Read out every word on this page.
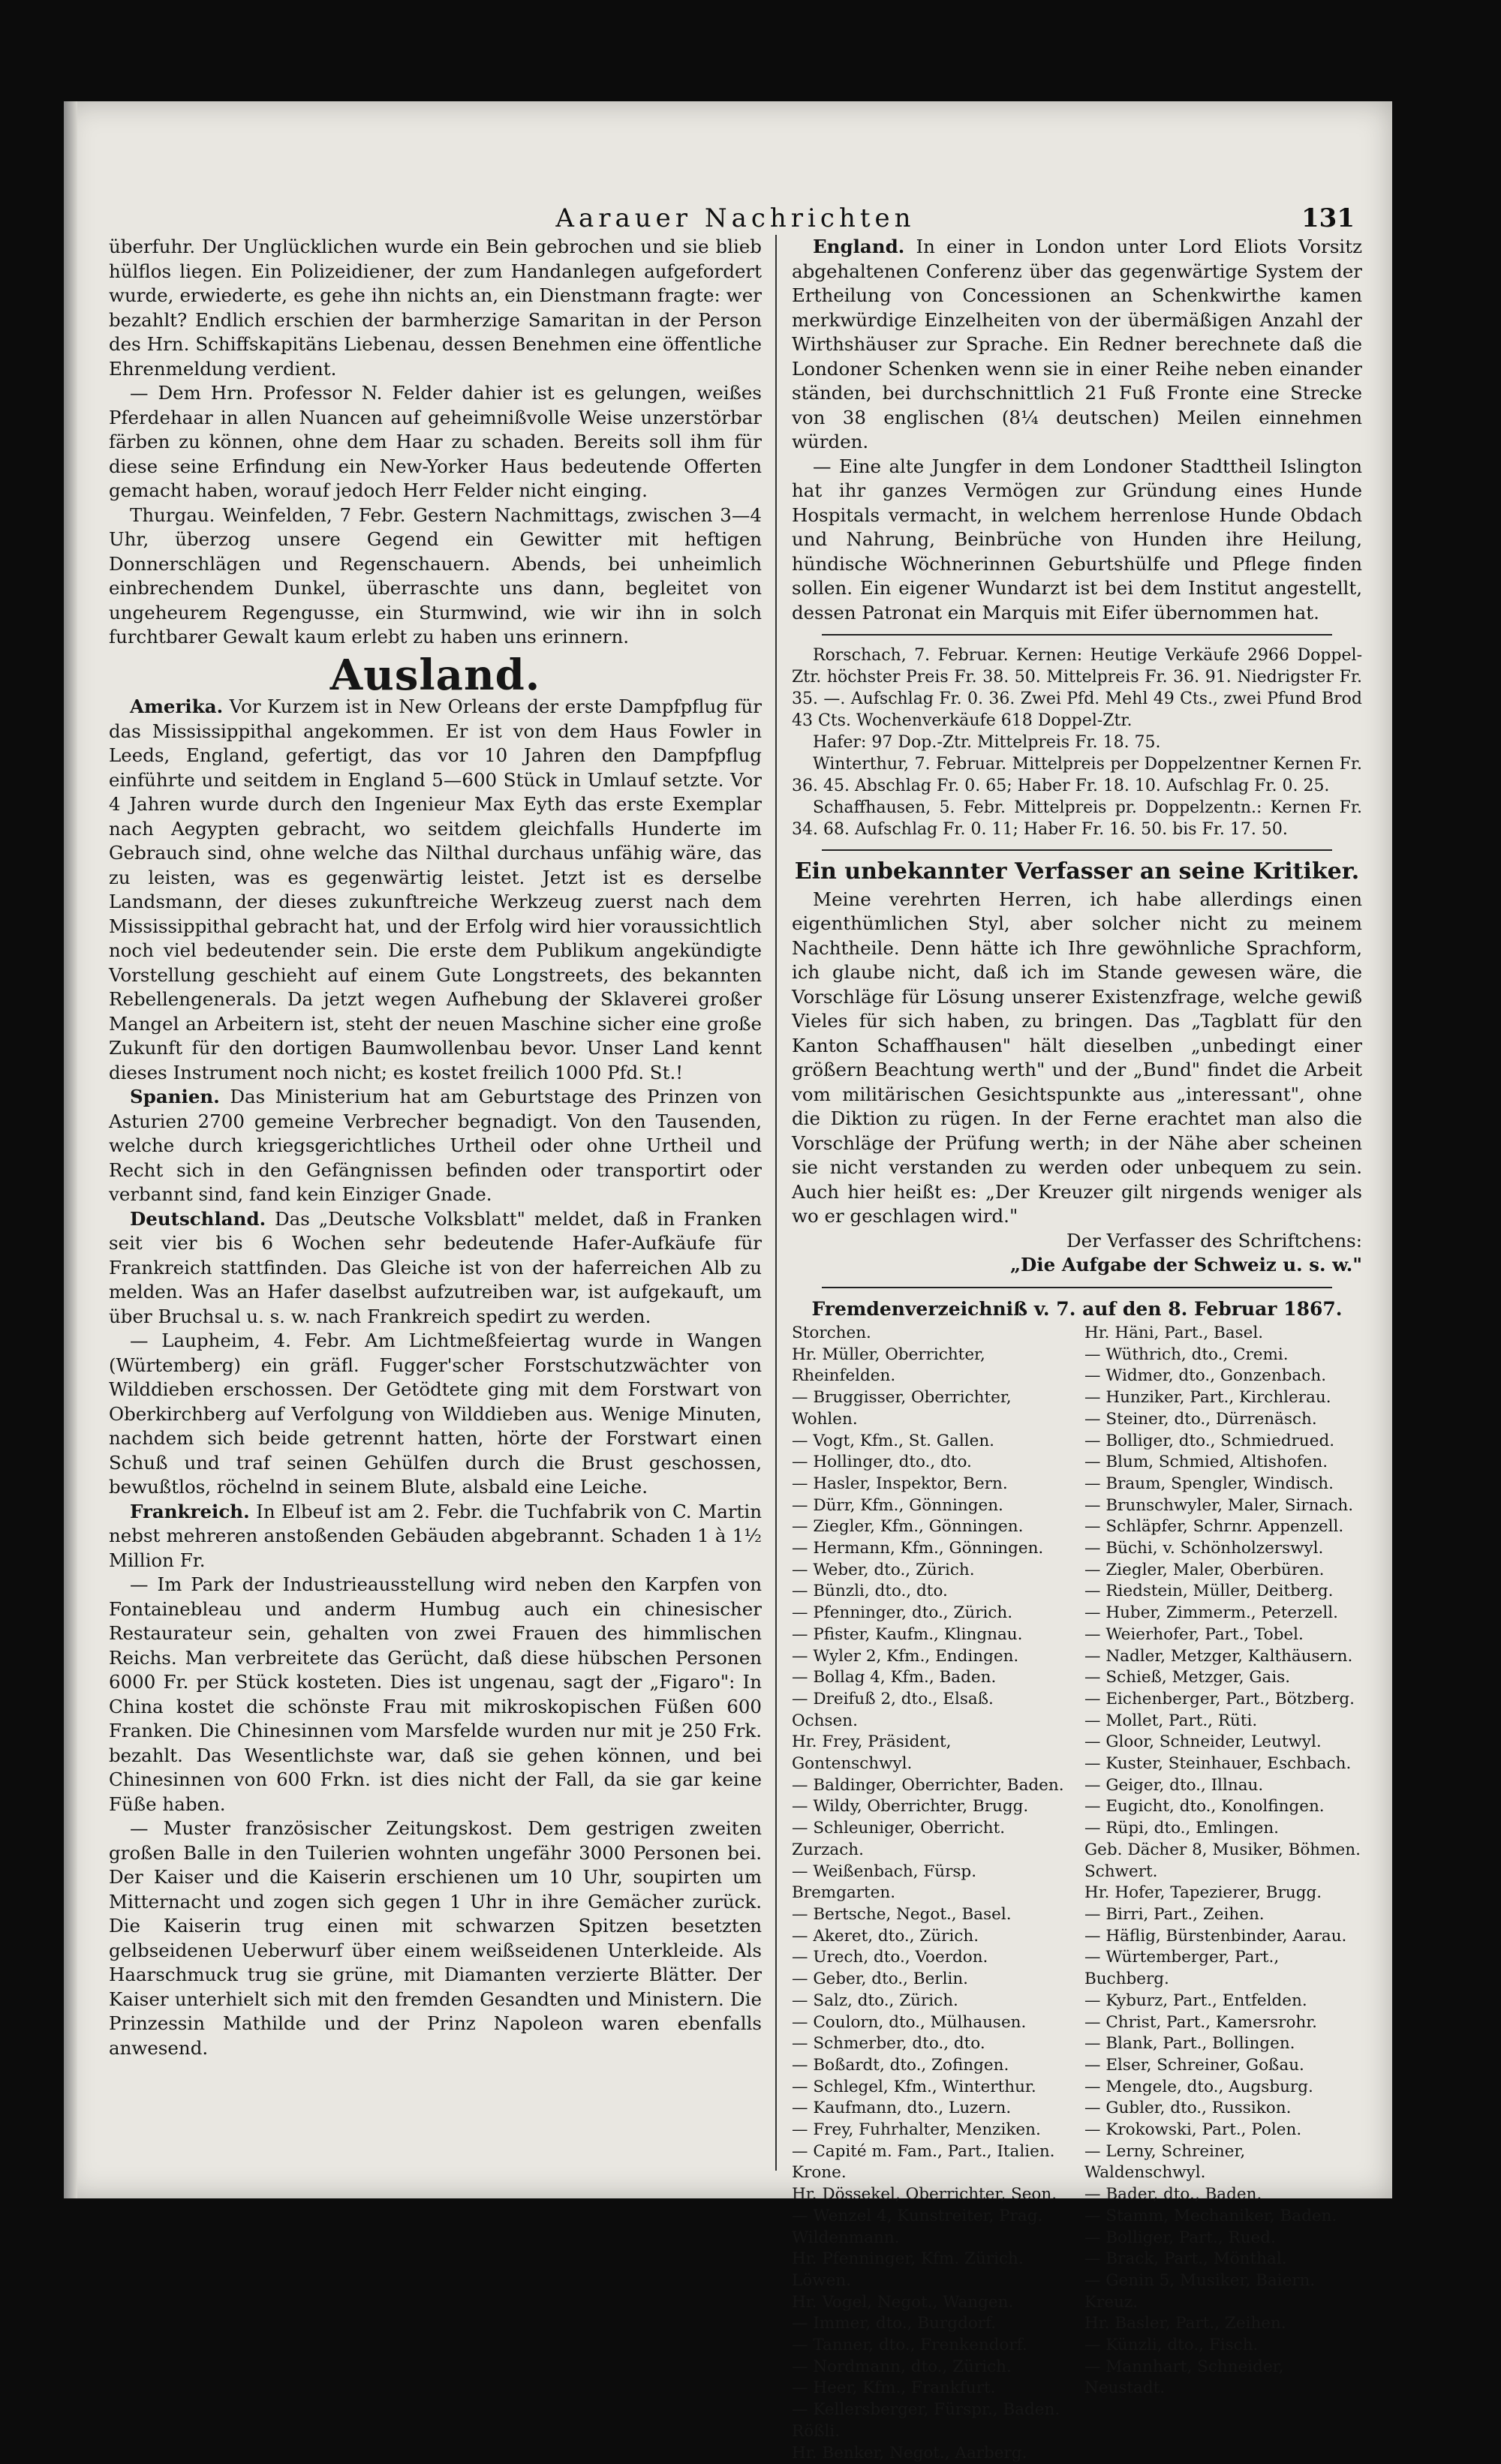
Aarauer Nachrichten	131

überfuhr. Der Unglücklichen wurde ein Bein gebrochen und sie blieb hülflos liegen. Ein Polizeidiener, der zum Handanlegen aufgefordert wurde, erwiederte, es gehe ihn nichts an, ein Dienstmann fragte: wer bezahlt? Endlich erschien der barmherzige Samaritan in der Person des Hrn. Schiffskapitäns Liebenau, dessen Benehmen eine öffentliche Ehrenmeldung verdient.

— Dem Hrn. Professor N. Felder dahier ist es gelungen, weißes Pferdehaar in allen Nuancen auf geheimnißvolle Weise unzerstörbar färben zu können, ohne dem Haar zu schaden. Bereits soll ihm für diese seine Erfindung ein New-Yorker Haus bedeutende Offerten gemacht haben, worauf jedoch Herr Felder nicht einging.

Thurgau. Weinfelden, 7 Febr. Gestern Nachmittags, zwischen 3—4 Uhr, überzog unsere Gegend ein Gewitter mit heftigen Donnerschlägen und Regenschauern. Abends, bei unheimlich einbrechendem Dunkel, überraschte uns dann, begleitet von ungeheurem Regengusse, ein Sturmwind, wie wir ihn in solch furchtbarer Gewalt kaum erlebt zu haben uns erinnern.

Ausland.

Amerika. Vor Kurzem ist in New Orleans der erste Dampfpflug für das Mississippithal angekommen. Er ist von dem Haus Fowler in Leeds, England, gefertigt, das vor 10 Jahren den Dampfpflug einführte und seitdem in England 5—600 Stück in Umlauf setzte. Vor 4 Jahren wurde durch den Ingenieur Max Eyth das erste Exemplar nach Aegypten gebracht, wo seitdem gleichfalls Hunderte im Gebrauch sind, ohne welche das Nilthal durchaus unfähig wäre, das zu leisten, was es gegenwärtig leistet. Jetzt ist es derselbe Landsmann, der dieses zukunftreiche Werkzeug zuerst nach dem Mississippithal gebracht hat, und der Erfolg wird hier voraussichtlich noch viel bedeutender sein. Die erste dem Publikum angekündigte Vorstellung geschieht auf einem Gute Longstreets, des bekannten Rebellengenerals. Da jetzt wegen Aufhebung der Sklaverei großer Mangel an Arbeitern ist, steht der neuen Maschine sicher eine große Zukunft für den dortigen Baumwollenbau bevor. Unser Land kennt dieses Instrument noch nicht; es kostet freilich 1000 Pfd. St.!

Spanien. Das Ministerium hat am Geburtstage des Prinzen von Asturien 2700 gemeine Verbrecher begnadigt. Von den Tausenden, welche durch kriegsgerichtliches Urtheil oder ohne Urtheil und Recht sich in den Gefängnissen befinden oder transportirt oder verbannt sind, fand kein Einziger Gnade.

Deutschland. Das „Deutsche Volksblatt" meldet, daß in Franken seit vier bis 6 Wochen sehr bedeutende Hafer-Aufkäufe für Frankreich stattfinden. Das Gleiche ist von der haferreichen Alb zu melden. Was an Hafer daselbst aufzutreiben war, ist aufgekauft, um über Bruchsal u. s. w. nach Frankreich spedirt zu werden.

— Laupheim, 4. Febr. Am Lichtmeßfeiertag wurde in Wangen (Würtemberg) ein gräfl. Fugger'scher Forstschutzwächter von Wilddieben erschossen. Der Getödtete ging mit dem Forstwart von Oberkirchberg auf Verfolgung von Wilddieben aus. Wenige Minuten, nachdem sich beide getrennt hatten, hörte der Forstwart einen Schuß und traf seinen Gehülfen durch die Brust geschossen, bewußtlos, röchelnd in seinem Blute, alsbald eine Leiche.

Frankreich. In Elbeuf ist am 2. Febr. die Tuchfabrik von C. Martin nebst mehreren anstoßenden Gebäuden abgebrannt. Schaden 1 à 1½ Million Fr.

— Im Park der Industrieausstellung wird neben den Karpfen von Fontainebleau und anderm Humbug auch ein chinesischer Restaurateur sein, gehalten von zwei Frauen des himmlischen Reichs. Man verbreitete das Gerücht, daß diese hübschen Personen 6000 Fr. per Stück kosteten. Dies ist ungenau, sagt der „Figaro": In China kostet die schönste Frau mit mikroskopischen Füßen 600 Franken. Die Chinesinnen vom Marsfelde wurden nur mit je 250 Frk. bezahlt. Das Wesentlichste war, daß sie gehen können, und bei Chinesinnen von 600 Frkn. ist dies nicht der Fall, da sie gar keine Füße haben.

— Muster französischer Zeitungskost. Dem gestrigen zweiten großen Balle in den Tuilerien wohnten ungefähr 3000 Personen bei. Der Kaiser und die Kaiserin erschienen um 10 Uhr, soupirten um Mitternacht und zogen sich gegen 1 Uhr in ihre Gemächer zurück. Die Kaiserin trug einen mit schwarzen Spitzen besetzten gelbseidenen Ueberwurf über einem weißseidenen Unterkleide. Als Haarschmuck trug sie grüne, mit Diamanten verzierte Blätter. Der Kaiser unterhielt sich mit den fremden Gesandten und Ministern. Die Prinzessin Mathilde und der Prinz Napoleon waren ebenfalls anwesend.

England. In einer in London unter Lord Eliots Vorsitz abgehaltenen Conferenz über das gegenwärtige System der Ertheilung von Concessionen an Schenkwirthe kamen merkwürdige Einzelheiten von der übermäßigen Anzahl der Wirthshäuser zur Sprache. Ein Redner berechnete daß die Londoner Schenken wenn sie in einer Reihe neben einander ständen, bei durchschnittlich 21 Fuß Fronte eine Strecke von 38 englischen (8¼ deutschen) Meilen einnehmen würden.

— Eine alte Jungfer in dem Londoner Stadttheil Islington hat ihr ganzes Vermögen zur Gründung eines Hunde Hospitals vermacht, in welchem herrenlose Hunde Obdach und Nahrung, Beinbrüche von Hunden ihre Heilung, hündische Wöchnerinnen Geburtshülfe und Pflege finden sollen. Ein eigener Wundarzt ist bei dem Institut angestellt, dessen Patronat ein Marquis mit Eifer übernommen hat.

Rorschach, 7. Februar. Kernen: Heutige Verkäufe 2966 Doppel-Ztr. höchster Preis Fr. 38. 50. Mittelpreis Fr. 36. 91. Niedrigster Fr. 35. —. Aufschlag Fr. 0. 36. Zwei Pfd. Mehl 49 Cts., zwei Pfund Brod 43 Cts. Wochenverkäufe 618 Doppel-Ztr.

Hafer: 97 Dop.-Ztr. Mittelpreis Fr. 18. 75.

Winterthur, 7. Februar. Mittelpreis per Doppelzentner Kernen Fr. 36. 45. Abschlag Fr. 0. 65; Haber Fr. 18. 10. Aufschlag Fr. 0. 25.

Schaffhausen, 5. Febr. Mittelpreis pr. Doppelzentn.: Kernen Fr. 34. 68. Aufschlag Fr. 0. 11; Haber Fr. 16. 50. bis Fr. 17. 50.

Ein unbekannter Verfasser an seine Kritiker.

Meine verehrten Herren, ich habe allerdings einen eigenthümlichen Styl, aber solcher nicht zu meinem Nachtheile. Denn hätte ich Ihre gewöhnliche Sprachform, ich glaube nicht, daß ich im Stande gewesen wäre, die Vorschläge für Lösung unserer Existenzfrage, welche gewiß Vieles für sich haben, zu bringen. Das „Tagblatt für den Kanton Schaffhausen" hält dieselben „unbedingt einer größern Beachtung werth" und der „Bund" findet die Arbeit vom militärischen Gesichtspunkte aus „interessant", ohne die Diktion zu rügen. In der Ferne erachtet man also die Vorschläge der Prüfung werth; in der Nähe aber scheinen sie nicht verstanden zu werden oder unbequem zu sein. Auch hier heißt es: „Der Kreuzer gilt nirgends weniger als wo er geschlagen wird."

Der Verfasser des Schriftchens:

„Die Aufgabe der Schweiz u. s. w."

Fremdenverzeichniß v. 7. auf den 8. Februar 1867.
Storchen.
Hr. Müller, Oberrichter, Rheinfelden.
— Bruggisser, Oberrichter, Wohlen.
— Vogt, Kfm., St. Gallen.
— Hollinger, dto., dto.
— Hasler, Inspektor, Bern.
— Dürr, Kfm., Gönningen.
— Ziegler, Kfm., Gönningen.
— Hermann, Kfm., Gönningen.
— Weber, dto., Zürich.
— Bünzli, dto., dto.
— Pfenninger, dto., Zürich.
— Pfister, Kaufm., Klingnau.
— Wyler 2, Kfm., Endingen.
— Bollag 4, Kfm., Baden.
— Dreifuß 2, dto., Elsaß.
Ochsen.
Hr. Frey, Präsident, Gontenschwyl.
— Baldinger, Oberrichter, Baden.
— Wildy, Oberrichter, Brugg.
— Schleuniger, Oberricht. Zurzach.
— Weißenbach, Fürsp. Bremgarten.
— Bertsche, Negot., Basel.
— Akeret, dto., Zürich.
— Urech, dto., Voerdon.
— Geber, dto., Berlin.
— Salz, dto., Zürich.
— Coulorn, dto., Mülhausen.
— Schmerber, dto., dto.
— Boßardt, dto., Zofingen.
— Schlegel, Kfm., Winterthur.
— Kaufmann, dto., Luzern.
— Frey, Fuhrhalter, Menziken.
— Capité m. Fam., Part., Italien.
Krone.
Hr. Dössekel, Oberrichter, Seon.
— Wenzel 4, Kunstreiter, Prag.
Wildenmann.
Hr. Pfenninger, Kfm. Zürich.
Löwen.
Hr. Vogel, Negot., Wangen.
— Immer, dto., Burgdorf.
— Tanner, dto., Frenkendorf.
— Nordmann, dto., Zürich.
— Heer, Kfm., Frankfurt.
— Kellersberger, Fürspr., Baden.
Rößli.
Hr. Benker, Negot., Aarberg.
Hr. Häni, Part., Basel.
— Wüthrich, dto., Cremi.
— Widmer, dto., Gonzenbach.
— Hunziker, Part., Kirchlerau.
— Steiner, dto., Dürrenäsch.
— Bolliger, dto., Schmiedrued.
— Blum, Schmied, Altishofen.
— Braum, Spengler, Windisch.
— Brunschwyler, Maler, Sirnach.
— Schläpfer, Schrnr. Appenzell.
— Büchi, v. Schönholzerswyl.
— Ziegler, Maler, Oberbüren.
— Riedstein, Müller, Deitberg.
— Huber, Zimmerm., Peterzell.
— Weierhofer, Part., Tobel.
— Nadler, Metzger, Kalthäusern.
— Schieß, Metzger, Gais.
— Eichenberger, Part., Bötzberg.
— Mollet, Part., Rüti.
— Gloor, Schneider, Leutwyl.
— Kuster, Steinhauer, Eschbach.
— Geiger, dto., Illnau.
— Eugicht, dto., Konolfingen.
— Rüpi, dto., Emlingen.
Geb. Dächer 8, Musiker, Böhmen.
Schwert.
Hr. Hofer, Tapezierer, Brugg.
— Birri, Part., Zeihen.
— Häflig, Bürstenbinder, Aarau.
— Würtemberger, Part., Buchberg.
— Kyburz, Part., Entfelden.
— Christ, Part., Kamersrohr.
— Blank, Part., Bollingen.
— Elser, Schreiner, Goßau.
— Mengele, dto., Augsburg.
— Gubler, dto., Russikon.
— Krokowski, Part., Polen.
— Lerny, Schreiner, Waldenschwyl.
— Bader, dto., Baden.
— Stamm, Mechaniker, Baden.
— Bolliger, Part., Rued.
— Brack, Part., Mönthal.
— Genin 5, Musiker, Baiern.
Kreuz.
Hr. Basler, Part., Zeihen.
— Künzli, dto., Fisch.
— Mannhart, Schneider, Neustadt.
